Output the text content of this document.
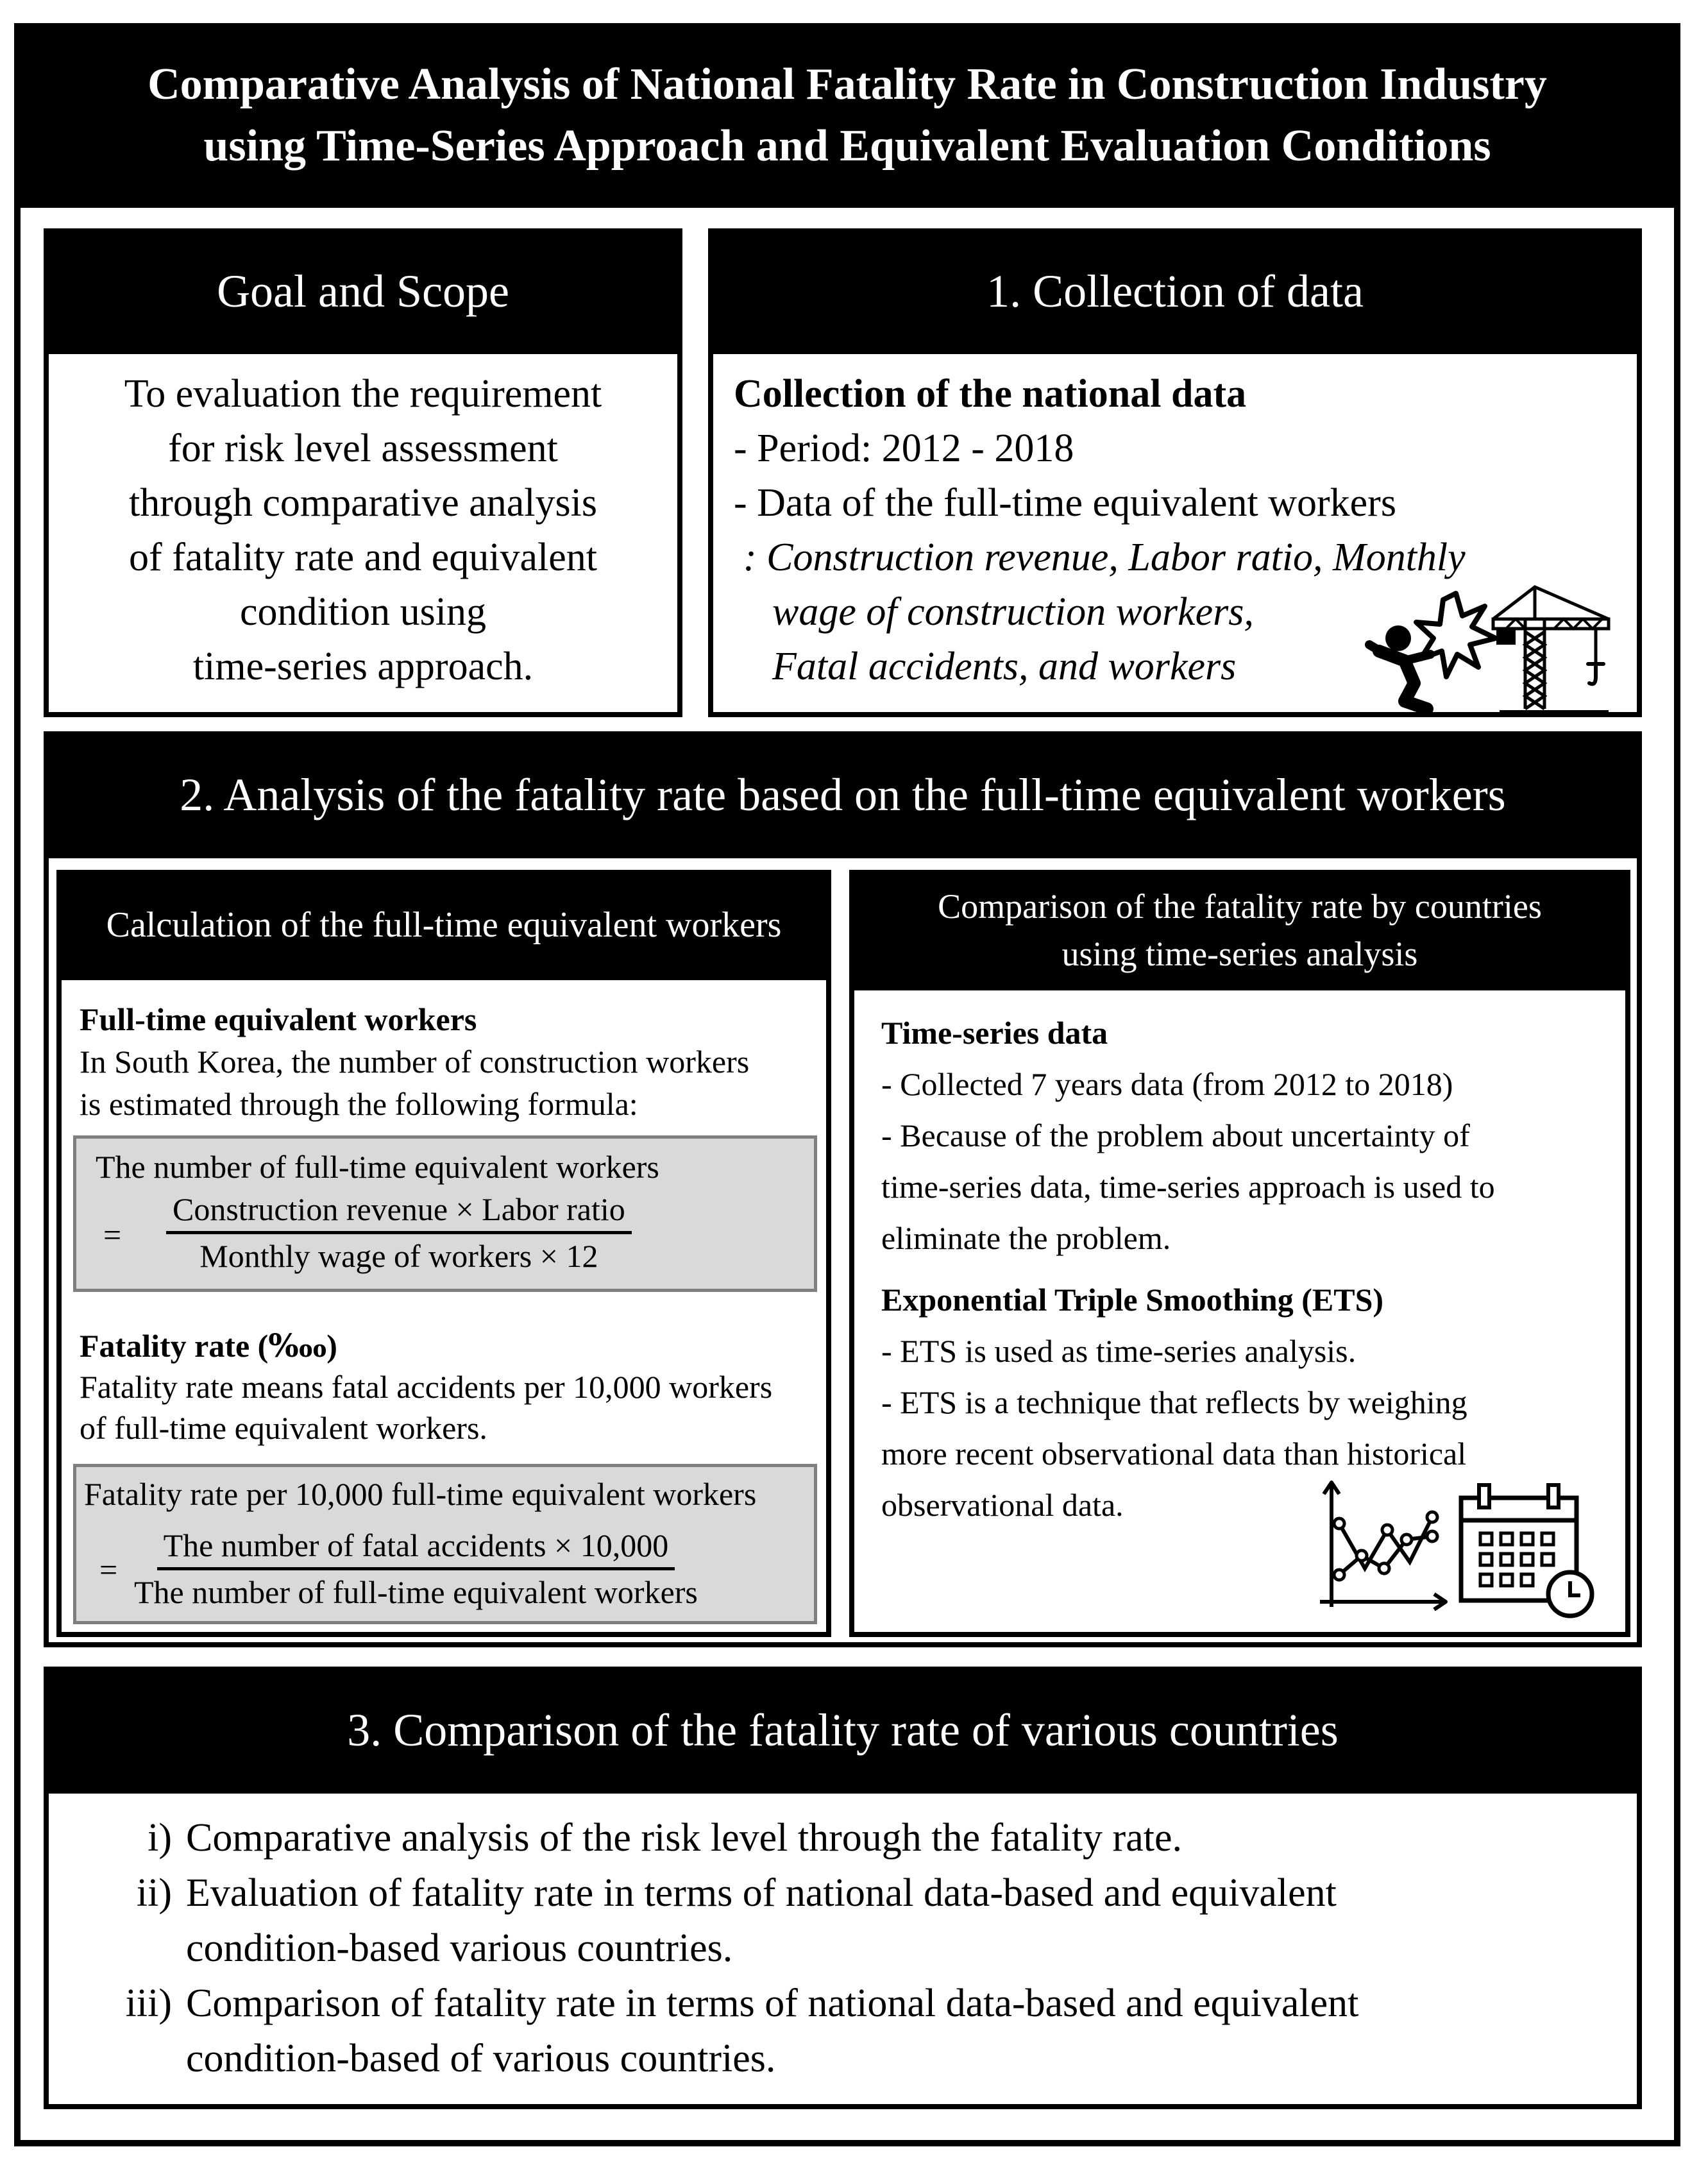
Comparative Analysis of National Fatality Rate in Construction Industry
using Time-Series Approach and Equivalent Evaluation Conditions
Goal and Scope
To evaluation the requirement
for risk level assessment
through comparative analysis
of fatality rate and equivalent
condition using
time-series approach.
1. Collection of data
Collection of the national data
- Period: 2012 - 2018
- Data of the full-time equivalent workers
: Construction revenue, Labor ratio, Monthly
wage of construction workers,
Fatal accidents, and workers
2. Analysis of the fatality rate based on the full-time equivalent workers
Calculation of the full-time equivalent workers
Full-time equivalent workers
In South Korea, the number of construction workers
is estimated through the following formula:
The number of full-time equivalent workers
=
Construction revenue × Labor ratio
Monthly wage of workers × 12
Fatality rate (‱)
Fatality rate means fatal accidents per 10,000 workers
of full-time equivalent workers.
Fatality rate per 10,000 full-time equivalent workers
=
The number of fatal accidents × 10,000
The number of full-time equivalent workers
Comparison of the fatality rate by countries
using time-series analysis
Time-series data
- Collected 7 years data (from 2012 to 2018)
- Because of the problem about uncertainty of
time-series data, time-series approach is used to
eliminate the problem.
Exponential Triple Smoothing (ETS)
- ETS is used as time-series analysis.
- ETS is a technique that reflects by weighing
more recent observational data than historical
observational data.
3. Comparison of the fatality rate of various countries
i) Comparative analysis of the risk level through the fatality rate.
ii) Evaluation of fatality rate in terms of national data-based and equivalent
condition-based various countries.
iii) Comparison of fatality rate in terms of national data-based and equivalent
condition-based of various countries.
